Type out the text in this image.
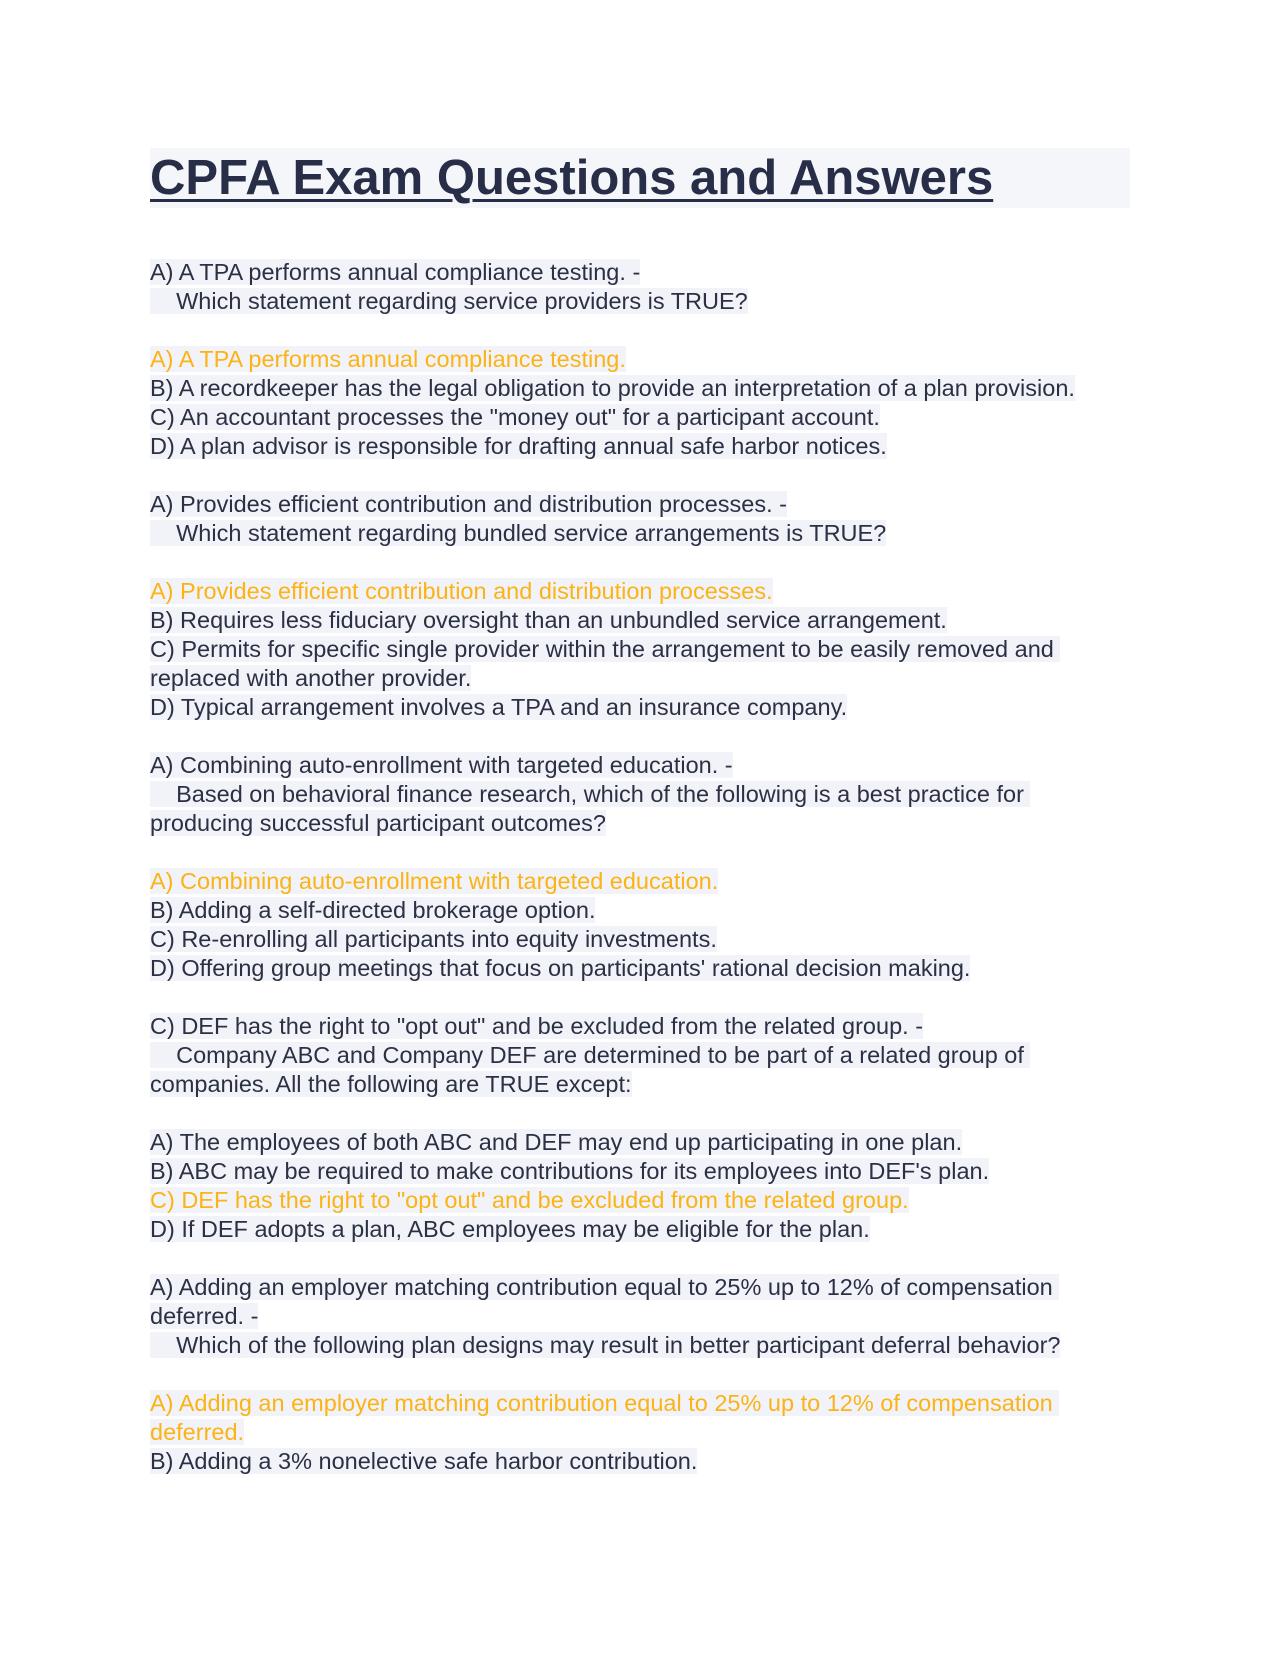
CPFA Exam Questions and Answers
A) A TPA performs annual compliance testing. -
Which statement regarding service providers is TRUE?
A) A TPA performs annual compliance testing.
B) A recordkeeper has the legal obligation to provide an interpretation of a plan provision.
C) An accountant processes the "money out" for a participant account.
D) A plan advisor is responsible for drafting annual safe harbor notices.
A) Provides efficient contribution and distribution processes. -
Which statement regarding bundled service arrangements is TRUE?
A) Provides efficient contribution and distribution processes.
B) Requires less fiduciary oversight than an unbundled service arrangement.
C) Permits for specific single provider within the arrangement to be easily removed and replaced with another provider.
D) Typical arrangement involves a TPA and an insurance company.
A) Combining auto-enrollment with targeted education. -
Based on behavioral finance research, which of the following is a best practice for producing successful participant outcomes?
A) Combining auto-enrollment with targeted education.
B) Adding a self-directed brokerage option.
C) Re-enrolling all participants into equity investments.
D) Offering group meetings that focus on participants' rational decision making.
C) DEF has the right to "opt out" and be excluded from the related group. -
Company ABC and Company DEF are determined to be part of a related group of companies. All the following are TRUE except:
A) The employees of both ABC and DEF may end up participating in one plan.
B) ABC may be required to make contributions for its employees into DEF's plan.
C) DEF has the right to "opt out" and be excluded from the related group.
D) If DEF adopts a plan, ABC employees may be eligible for the plan.
A) Adding an employer matching contribution equal to 25% up to 12% of compensation deferred. -
Which of the following plan designs may result in better participant deferral behavior?
A) Adding an employer matching contribution equal to 25% up to 12% of compensation deferred.
B) Adding a 3% nonelective safe harbor contribution.
